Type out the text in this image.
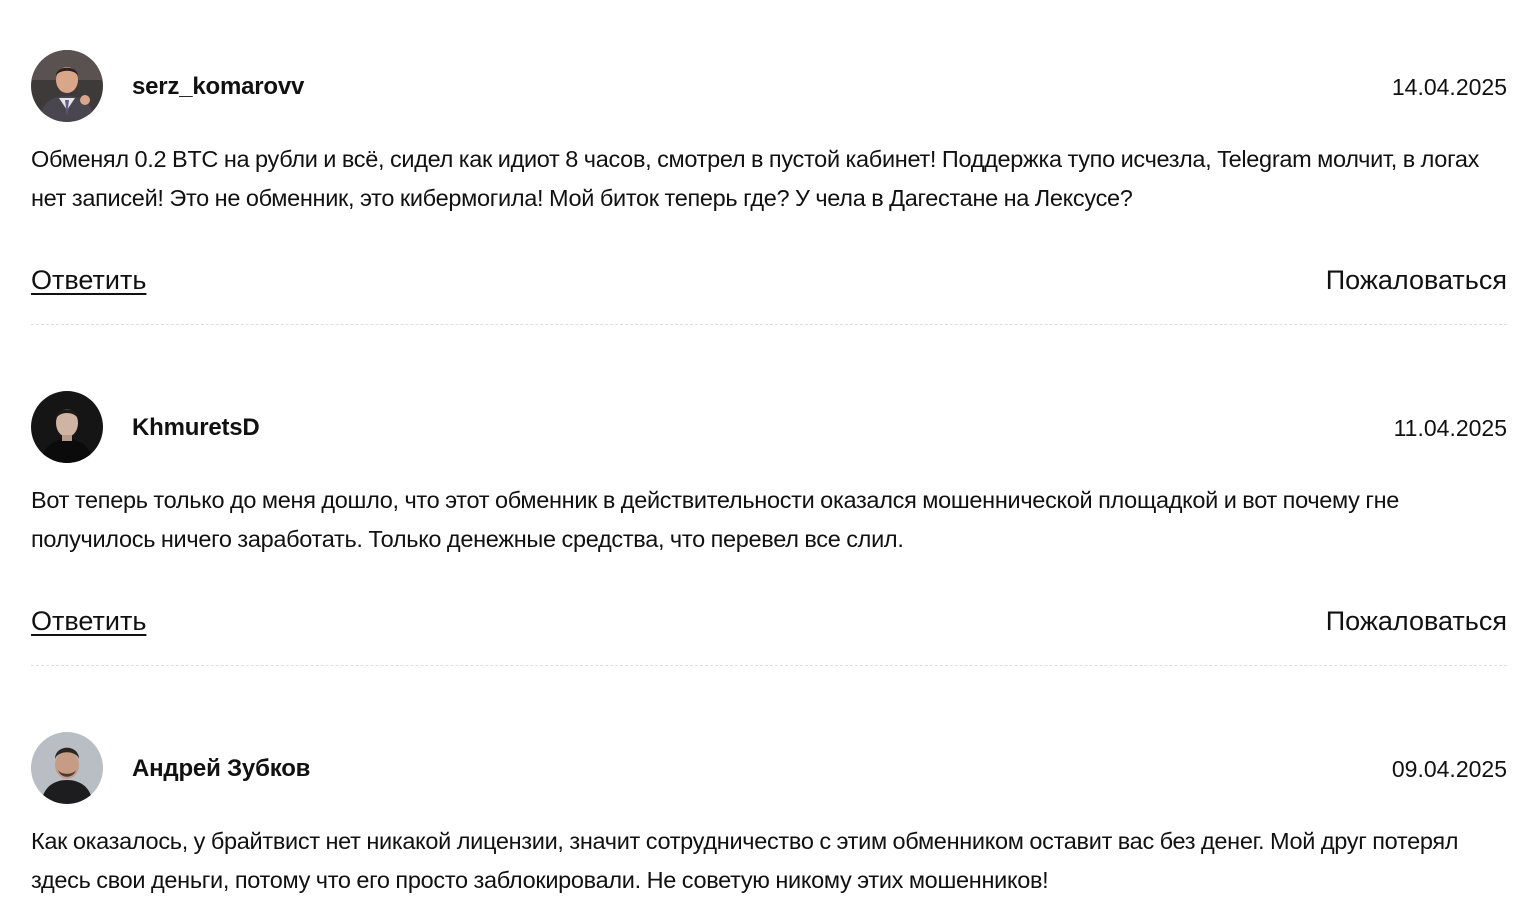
serz_komarovv	14.04.2025
Обменял 0.2 BTC на рубли и всё, сидел как идиот 8 часов, смотрел в пустой кабинет! Поддержка тупо исчезла, Telegram молчит, в логах нет записей! Это не обменник, это кибермогила! Мой биток теперь где? У чела в Дагестане на Лексусе?
Ответить	Пожаловаться
KhmuretsD	11.04.2025
Вот теперь только до меня дошло, что этот обменник в действительности оказался мошеннической площадкой и вот почему гне получилось ничего заработать. Только денежные средства, что перевел все слил.
Ответить	Пожаловаться
Андрей Зубков	09.04.2025
Как оказалось, у брайтвист нет никакой лицензии, значит сотрудничество с этим обменником оставит вас без денег. Мой друг потерял здесь свои деньги, потому что его просто заблокировали. Не советую никому этих мошенников!
